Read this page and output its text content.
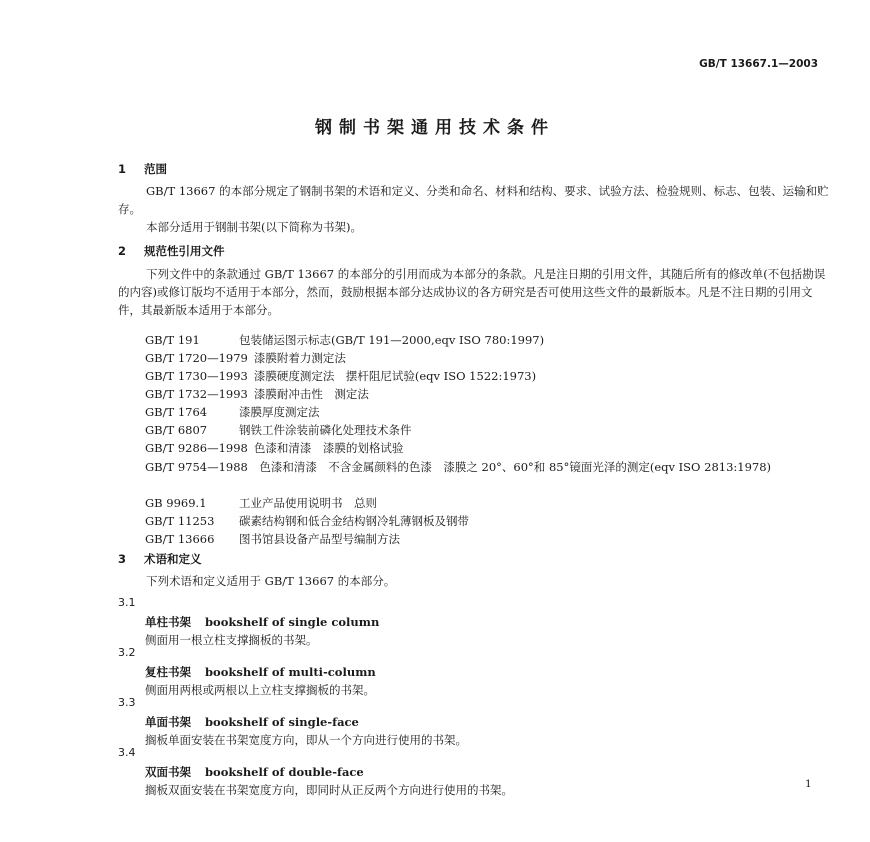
GB/T 13667.1—2003
钢制书架通用技术条件
1 范围
GB/T 13667 的本部分规定了钢制书架的术语和定义、分类和命名、材料和结构、要求、试验方法、检验规则、标志、包装、运输和贮存。
本部分适用于钢制书架(以下简称为书架)。
2 规范性引用文件
下列文件中的条款通过 GB/T 13667 的本部分的引用而成为本部分的条款。凡是注日期的引用文件，其随后所有的修改单(不包括勘误的内容)或修订版均不适用于本部分，然而，鼓励根据本部分达成协议的各方研究是否可使用这些文件的最新版本。凡是不注日期的引用文件，其最新版本适用于本部分。
GB/T 191	包装储运图示标志(GB/T 191—2000,eqv ISO 780:1997)
GB/T 1720—1979 漆膜附着力测定法
GB/T 1730—1993 漆膜硬度测定法　摆杆阻尼试验(eqv ISO 1522:1973)
GB/T 1732—1993 漆膜耐冲击性　测定法
GB/T 1764	漆膜厚度测定法
GB/T 6807	钢铁工件涂装前磷化处理技术条件
GB/T 9286—1998 色漆和清漆　漆膜的划格试验
GB/T 9754—1988　色漆和清漆　不含金属颜料的色漆　漆膜之 20°、60°和 85°镜面光泽的测定(eqv ISO 2813:1978)
GB 9969.1	工业产品使用说明书　总则
GB/T 11253 碳素结构钢和低合金结构钢冷轧薄钢板及钢带
GB/T 13666 图书馆县设备产品型号编制方法
3 术语和定义
下列术语和定义适用于 GB/T 13667 的本部分。
3.1
单柱书架 bookshelf of single column
侧面用一根立柱支撑搁板的书架。
3.2
复柱书架 bookshelf of multi-column
侧面用两根或两根以上立柱支撑搁板的书架。
3.3
单面书架 bookshelf of single-face
搁板单面安装在书架宽度方向，即从一个方向进行使用的书架。
3.4
双面书架 bookshelf of double-face
搁板双面安装在书架宽度方向，即同时从正反两个方向进行使用的书架。	1
